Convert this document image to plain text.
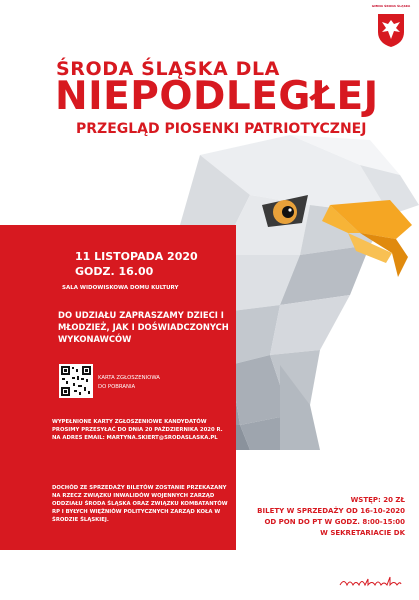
GMINA ŚRODA ŚLĄSKA
ŚRODA ŚLĄSKA DLA
NIEPODLEGŁEJ
PRZEGLĄD PIOSENKI PATRIOTYCZNEJ
11 LISTOPADA 2020
GODZ. 16.00
SALA WIDOWISKOWA DOMU KULTURY
DO UDZIAŁU ZAPRASZAMY DZIECI I MŁODZIEŻ, JAK I DOŚWIADCZONYCH WYKONAWCÓW
KARTA ZGŁOSZENIOWA DO POBRANIA
WYPEŁNIONE KARTY ZGŁOSZENIOWE KANDYDATÓW PROSIMY PRZESYŁAĆ DO DNIA 20 PAŹDZIERNIKA 2020 R. NA ADRES EMAIL: MARTYNA.SKIERT@SRODASLASKA.PL
DOCHÓD ZE SPRZEDAŻY BILETÓW ZOSTANIE PRZEKAZANY NA RZECZ ZWIĄZKU INWALIDÓW WOJENNYCH ZARZĄD ODDZIAŁU ŚRODA ŚLĄSKA ORAZ ZWIĄZKU KOMBATANTÓW RP I BYŁYCH WIĘŹNIÓW POLITYCZNYCH ZARZĄD KOŁA W ŚRODZIE ŚLĄSKIEJ.
ŚRODA ŚLĄSKA
WSTĘP: 20 ZŁ
BILETY W SPRZEDAŻY OD 16-10-2020
OD PON DO PT W GODZ. 8:00-15:00
W SEKRETARIACIE DK
